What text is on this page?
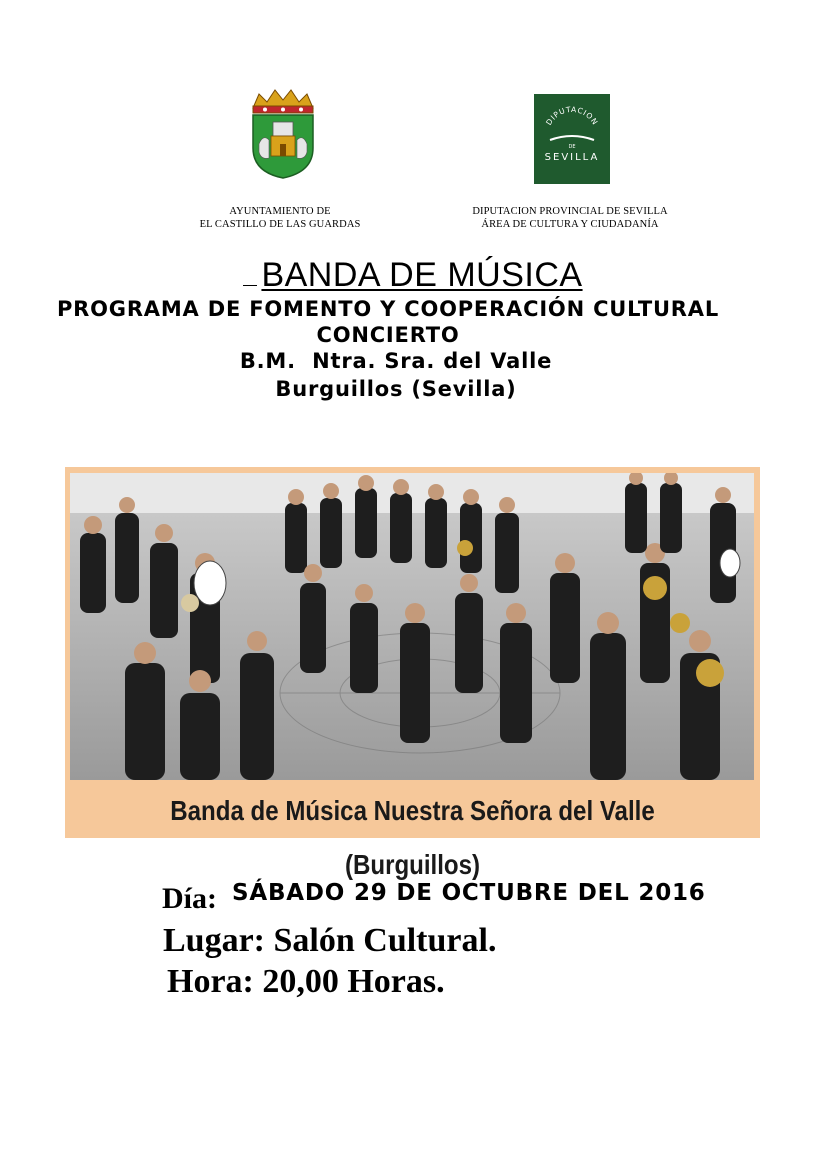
DIPUTACION
DE
SEVILLA
AYUNTAMIENTO DE
EL CASTILLO DE LAS GUARDAS
DIPUTACION PROVINCIAL DE SEVILLA
ÁREA DE CULTURA Y CIUDADANÍA
BANDA DE MÚSICA
PROGRAMA DE FOMENTO Y COOPERACIÓN CULTURAL
CONCIERTO
B.M. Ntra. Sra. del Valle
Burguillos (Sevilla)
Banda de Música Nuestra Señora del Valle (Burguillos)
Día: SÁBADO 29 DE OCTUBRE DEL 2016
Lugar: Salón Cultural.
Hora: 20,00 Horas.
